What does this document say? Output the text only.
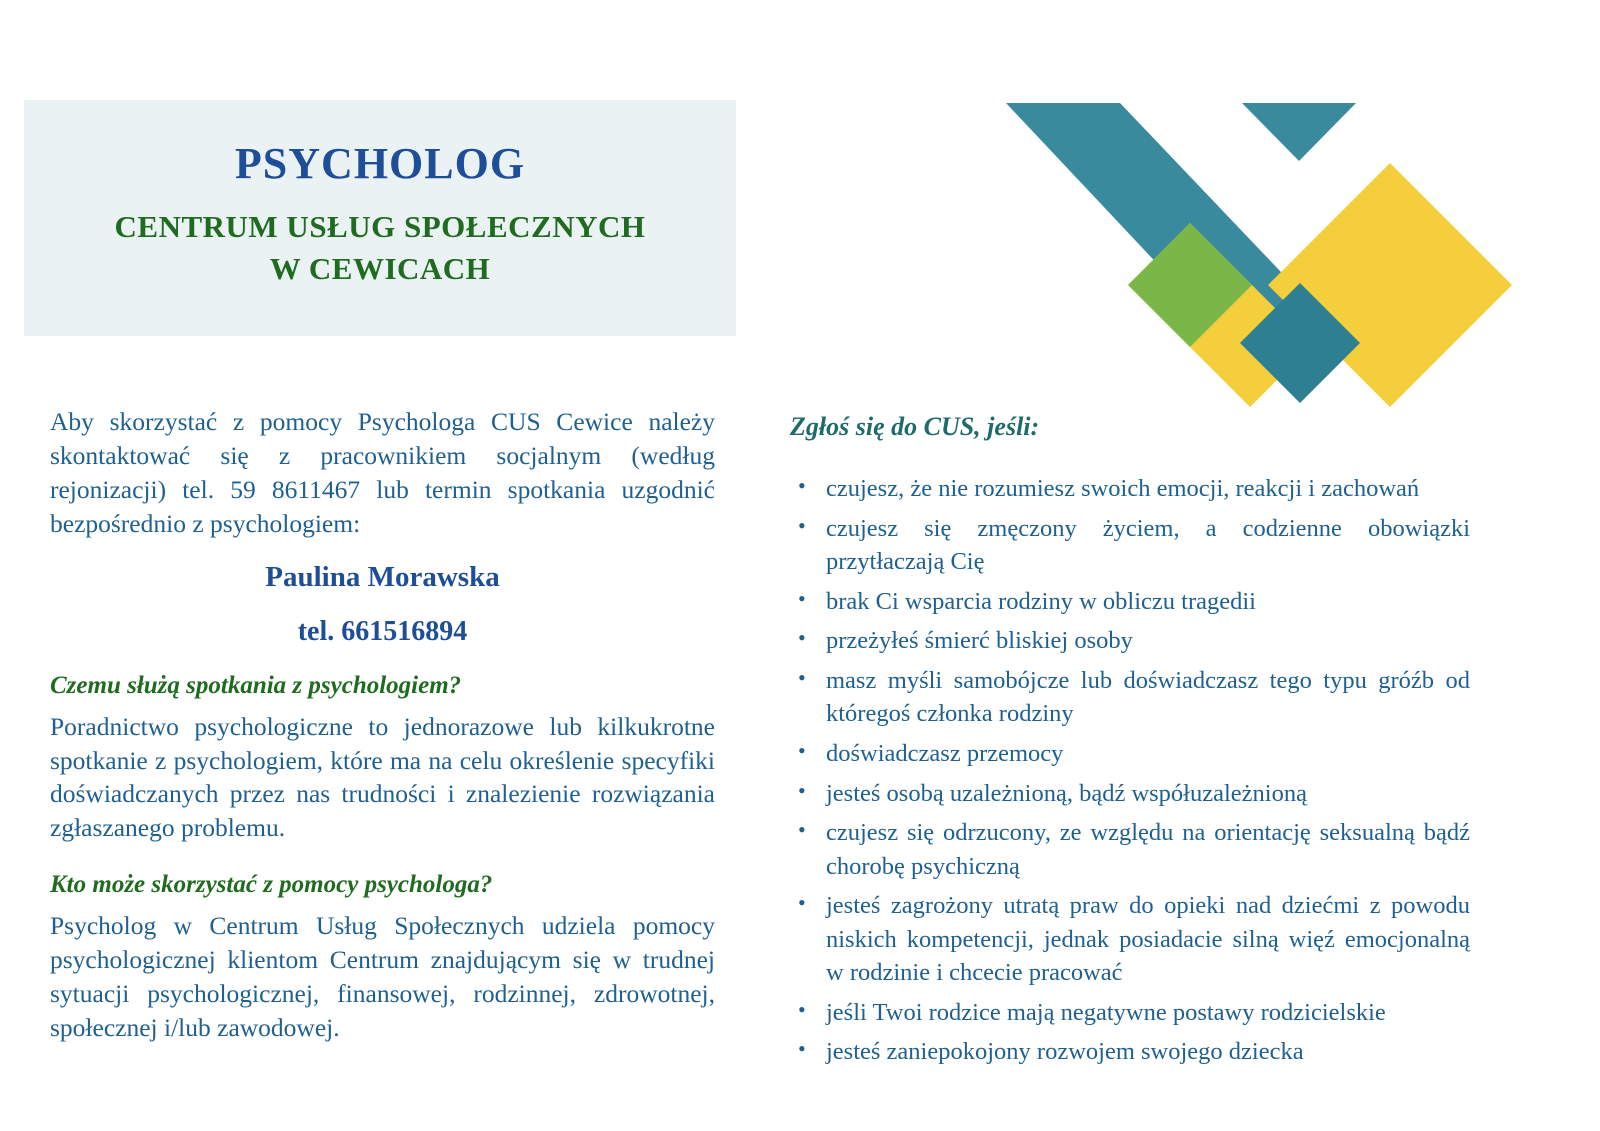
PSYCHOLOG
CENTRUM USŁUG SPOŁECZNYCH
W CEWICACH

Aby skorzystać z pomocy Psychologa CUS Cewice należy skontaktować się z pracownikiem socjalnym (według rejonizacji) tel. 59 8611467 lub termin spotkania uzgodnić bezpośrednio z psychologiem:

Paulina Morawska
tel. 661516894
Czemu służą spotkania z psychologiem?

Poradnictwo psychologiczne to jednorazowe lub kilkukrotne spotkanie z psychologiem, które ma na celu określenie specyfiki doświadczanych przez nas trudności i znalezienie rozwiązania zgłaszanego problemu.

Kto może skorzystać z pomocy psychologa?

Psycholog w Centrum Usług Społecznych udziela pomocy psychologicznej klientom Centrum znajdującym się w trudnej sytuacji psychologicznej, finansowej, rodzinnej, zdrowotnej, społecznej i/lub zawodowej.

Zgłoś się do CUS, jeśli:
• czujesz, że nie rozumiesz swoich emocji, reakcji i zachowań
• czujesz się zmęczony życiem, a codzienne obowiązki przytłaczają Cię
• brak Ci wsparcia rodziny w obliczu tragedii
• przeżyłeś śmierć bliskiej osoby
• masz myśli samobójcze lub doświadczasz tego typu gróźb od któregoś członka rodziny
• doświadczasz przemocy
• jesteś osobą uzależnioną, bądź współuzależnioną
• czujesz się odrzucony, ze względu na orientację seksualną bądź chorobę psychiczną
• jesteś zagrożony utratą praw do opieki nad dziećmi z powodu niskich kompetencji, jednak posiadacie silną więź emocjonalną w rodzinie i chcecie pracować
• jeśli Twoi rodzice mają negatywne postawy rodzicielskie
• jesteś zaniepokojony rozwojem swojego dziecka
